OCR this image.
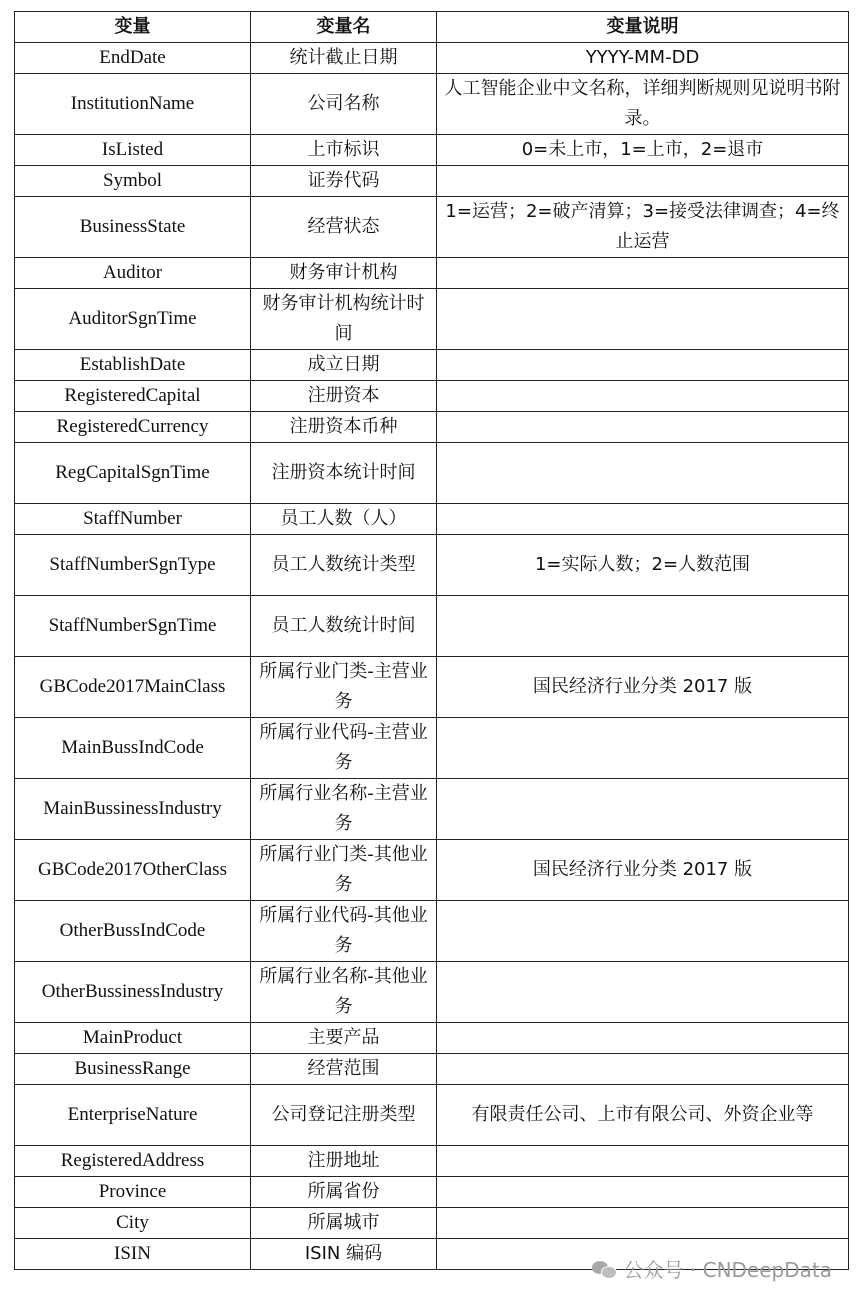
变量	变量名	变量说明
EndDate	统计截止日期	YYYY-MM-DD
InstitutionName	公司名称	人工智能企业中文名称，详细判断规则见说明书附录。
IsListed	上市标识	0=未上市，1=上市，2=退市
Symbol	证券代码	
BusinessState	经营状态	1=运营；2=破产清算；3=接受法律调查；4=终止运营
Auditor	财务审计机构	
AuditorSgnTime	财务审计机构统计时间	
EstablishDate	成立日期	
RegisteredCapital	注册资本	
RegisteredCurrency	注册资本币种	
RegCapitalSgnTime	注册资本统计时间	
StaffNumber	员工人数（人）	
StaffNumberSgnType	员工人数统计类型	1=实际人数；2=人数范围
StaffNumberSgnTime	员工人数统计时间	
GBCode2017MainClass	所属行业门类-主营业务	国民经济行业分类 2017 版
MainBussIndCode	所属行业代码-主营业务	
MainBussinessIndustry	所属行业名称-主营业务	
GBCode2017OtherClass	所属行业门类-其他业务	国民经济行业分类 2017 版
OtherBussIndCode	所属行业代码-其他业务	
OtherBussinessIndustry	所属行业名称-其他业务	
MainProduct	主要产品	
BusinessRange	经营范围	
EnterpriseNature	公司登记注册类型	有限责任公司、上市有限公司、外资企业等
RegisteredAddress	注册地址	
Province	所属省份	
City	所属城市	
ISIN	ISIN 编码	
公众号 · CNDeepData
